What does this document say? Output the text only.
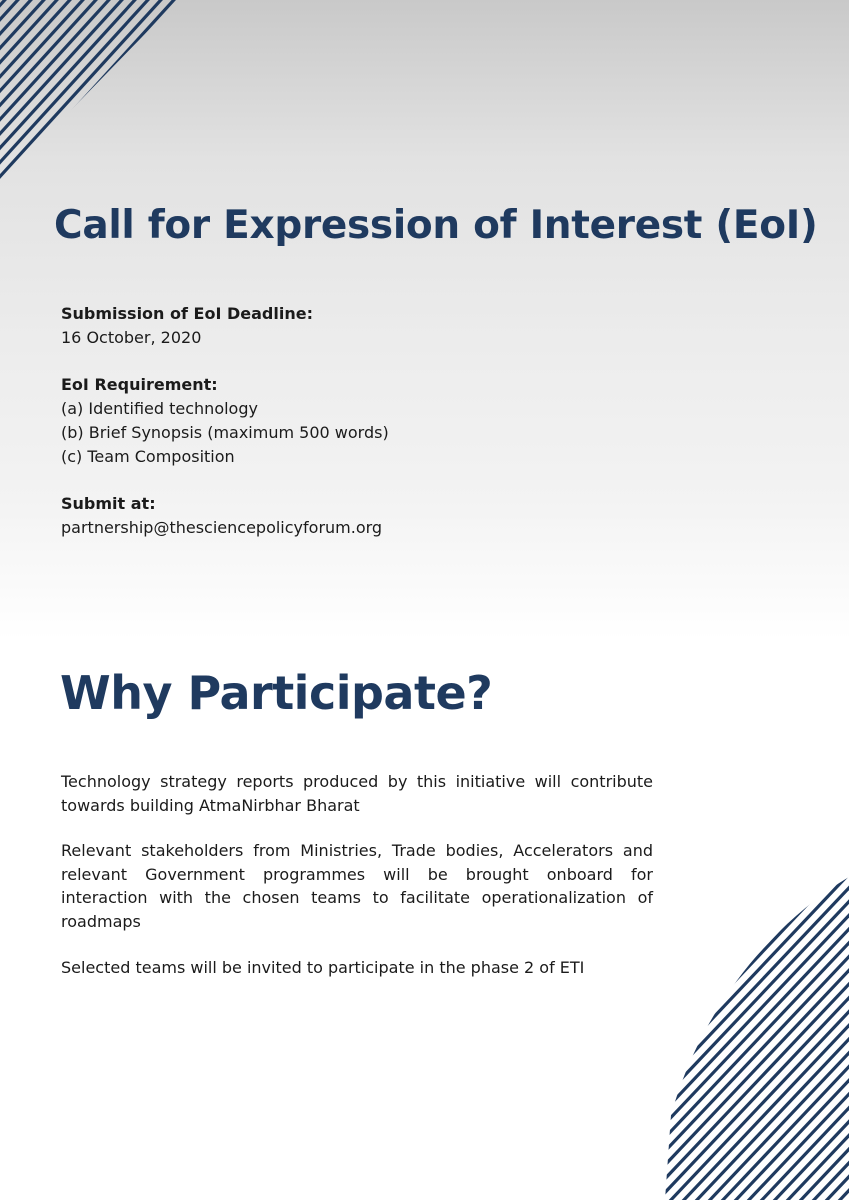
Call for Expression of Interest (EoI)
Submission of EoI Deadline:
16 October, 2020
EoI Requirement:
(a) Identified technology
(b) Brief Synopsis (maximum 500 words)
(c) Team Composition
Submit at:
partnership@thesciencepolicyforum.org
Why Participate?

Technology strategy reports produced by this initiative will contribute towards building AtmaNirbhar Bharat

Relevant stakeholders from Ministries, Trade bodies, Accelerators and relevant Government programmes will be brought onboard for interaction with the chosen teams to facilitate operationalization of roadmaps

Selected teams will be invited to participate in the phase 2 of ETI
